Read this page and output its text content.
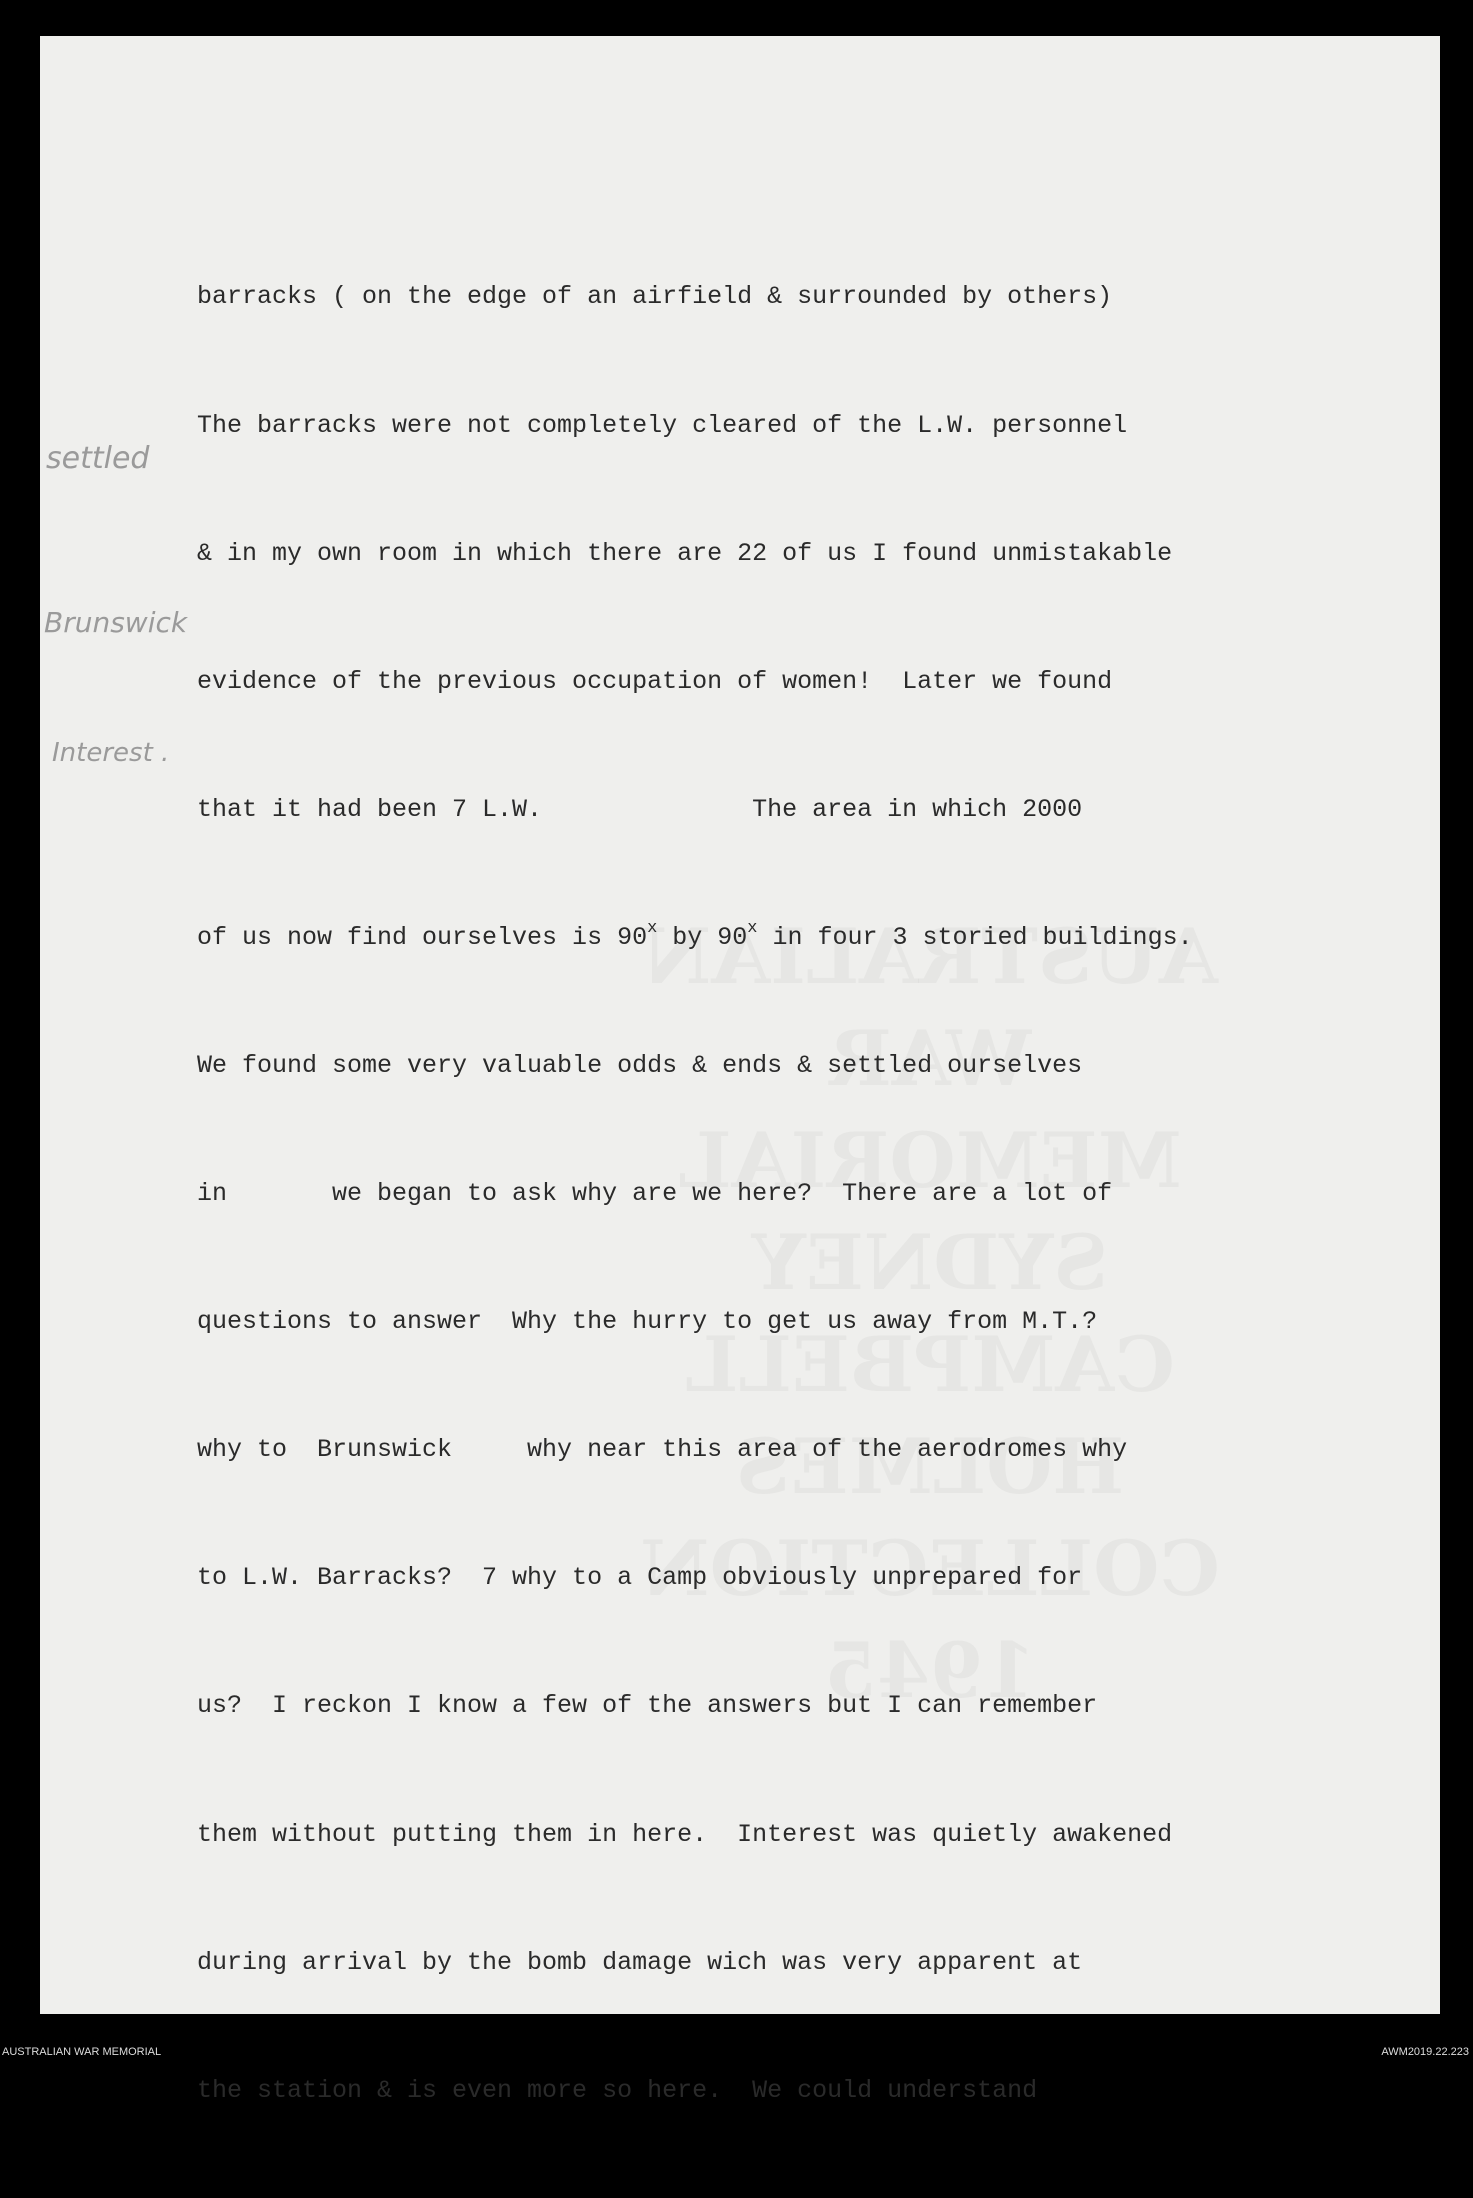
settled
Brunswick
Interest .

barracks ( on the edge of an airfield & surrounded by others)

The barracks were not completely cleared of the L.W. personnel

& in my own room in which there are 22 of us I found unmistakable

evidence of the previous occupation of women!  Later we found

that it had been 7 L.W.              The area in which 2000

of us now find ourselves is 90$^x$ by 90$^x$ in four 3 storied buildings.

We found some very valuable odds & ends & settled ourselves

in       we began to ask why are we here?  There are a lot of

questions to answer  Why the hurry to get us away from M.T.?

why to  Brunswick     why near this area of the aerodromes why

to L.W. Barracks?  7 why to a Camp obviously unprepared for

us?  I reckon I know a few of the answers but I can remember

them without putting them in here.  Interest was quietly awakened

during arrival by the bomb damage wich was very apparent at

the station & is even more so here.  We could understand

AUSTRALIAN WAR MEMORIAL	AWM2019.22.223
